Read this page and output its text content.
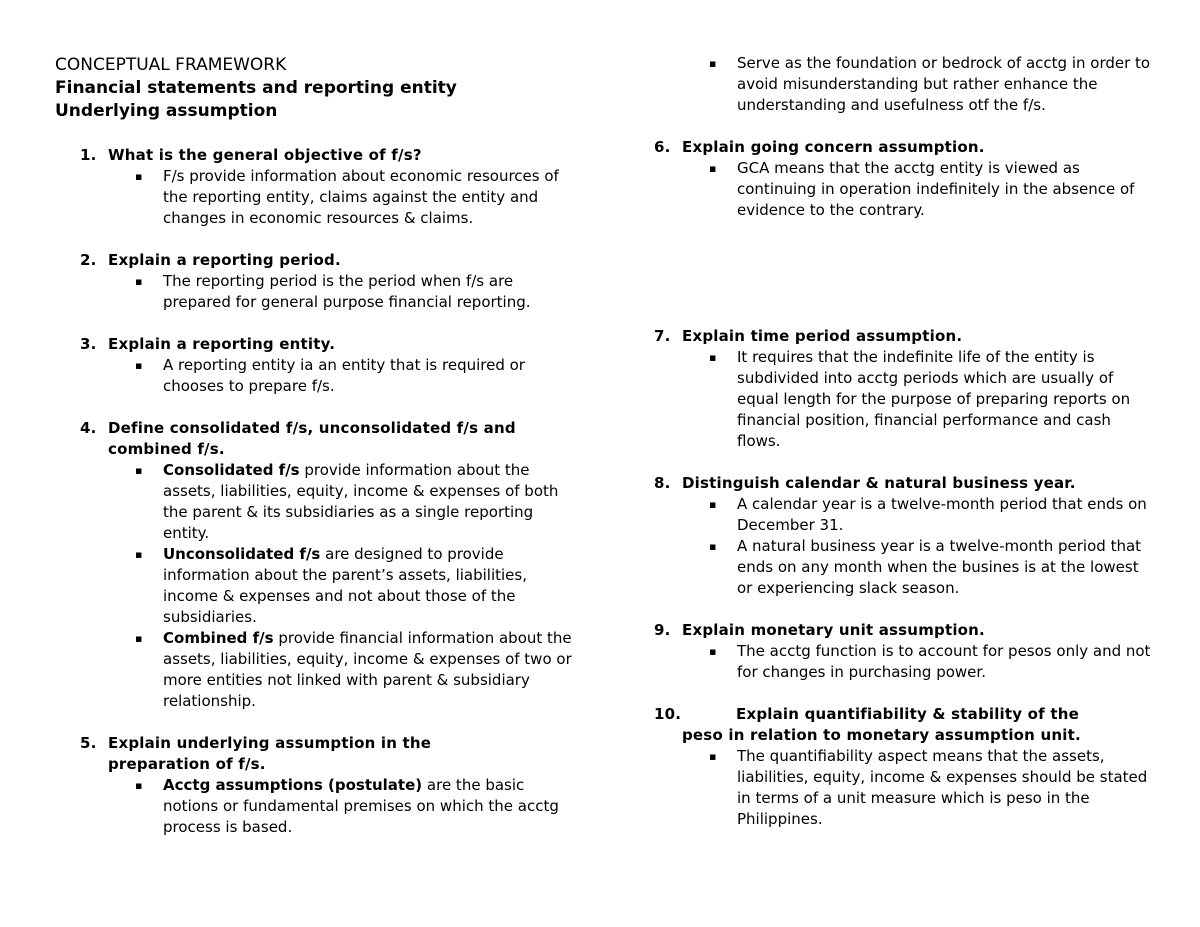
CONCEPTUAL FRAMEWORK
Financial statements and reporting entity
Underlying assumption
1. What is the general objective of f/s?
▪ F/s provide information about economic resources of the reporting entity, claims against the entity and changes in economic resources & claims.
2. Explain a reporting period.
▪ The reporting period is the period when f/s are prepared for general purpose financial reporting.
3. Explain a reporting entity.
▪ A reporting entity ia an entity that is required or chooses to prepare f/s.
4. Define consolidated f/s, unconsolidated f/s and
combined f/s.
▪ Consolidated f/s provide information about the assets, liabilities, equity, income & expenses of both the parent & its subsidiaries as a single reporting entity.
▪ Unconsolidated f/s are designed to provide information about the parent’s assets, liabilities, income & expenses and not about those of the subsidiaries.
▪ Combined f/s provide financial information about the assets, liabilities, equity, income & expenses of two or more entities not linked with parent & subsidiary relationship.
5. Explain underlying assumption in the
preparation of f/s.
▪ Acctg assumptions (postulate) are the basic notions or fundamental premises on which the acctg process is based.
▪ Serve as the foundation or bedrock of acctg in order to avoid misunderstanding but rather enhance the understanding and usefulness otf the f/s.
6. Explain going concern assumption.
▪ GCA means that the acctg entity is viewed as continuing in operation indefinitely in the absence of evidence to the contrary.
7. Explain time period assumption.
▪ It requires that the indefinite life of the entity is subdivided into acctg periods which are usually of equal length for the purpose of preparing reports on financial position, financial performance and cash flows.
8. Distinguish calendar & natural business year.
▪ A calendar year is a twelve-month period that ends on December 31.
▪ A natural business year is a twelve-month period that ends on any month when the busines is at the lowest or experiencing slack season.
9. Explain monetary unit assumption.
▪ The acctg function is to account for pesos only and not for changes in purchasing power.
10.	Explain quantifiability & stability of the
peso in relation to monetary assumption unit.
▪ The quantifiability aspect means that the assets, liabilities, equity, income & expenses should be stated in terms of a unit measure which is peso in the Philippines.
